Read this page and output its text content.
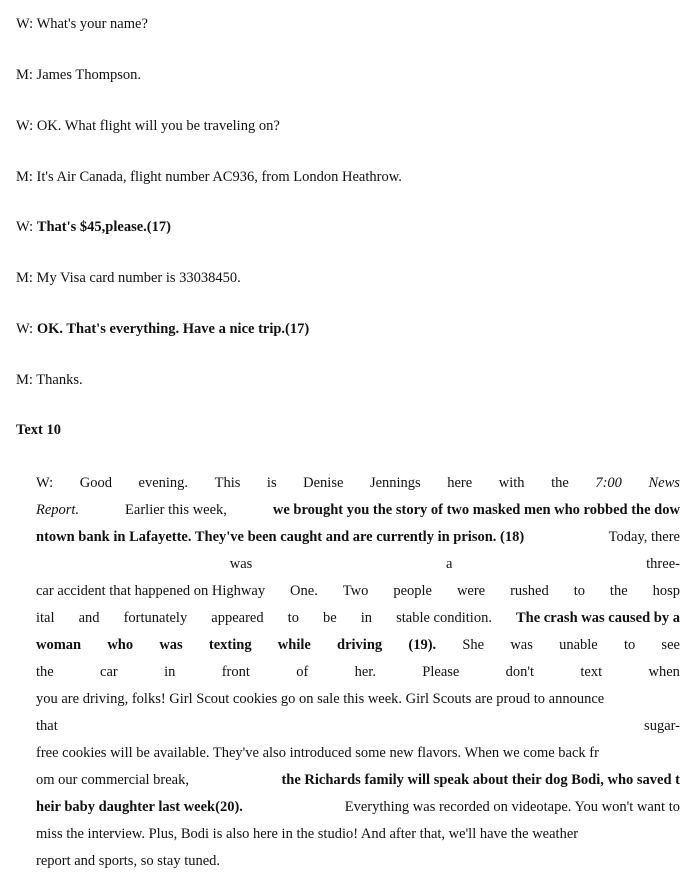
W: What's your name?
M: James Thompson.
W: OK. What flight will you be traveling on?
M: It's Air Canada, flight number AC936, from London Heathrow.
W: That's $45,please.(17)
M: My Visa card number is 33038450.
W: OK. That's everything. Have a nice trip.(17)
M: Thanks.
Text 10
W: Good evening. This is Denise Jennings here with the 7:00 News
Report.	Earlier this week,	we brought you the story of two masked men who robbed the dow
ntown bank in Lafayette. They've been caught and are currently in prison. (18)	Today, there
was	a	three-
car accident that happened on Highway One. Two people were rushed to the hosp
ital and fortunately appeared to be in stable condition. The crash was caused by a
woman who was texting while driving (19). She was unable to see
the	car	in	front	of	her.	Please	don't	text	when
you are driving, folks! Girl Scout cookies go on sale this week. Girl Scouts are proud to announce
that	sugar-
free cookies will be available. They've also introduced some new flavors. When we come back fr
om our commercial break,	the Richards family will speak about their dog Bodi, who saved t
heir baby daughter last week(20).	Everything was recorded on videotape. You won't want to
miss the interview. Plus, Bodi is also here in the studio! And after that, we'll have the weather
report and sports, so stay tuned.
